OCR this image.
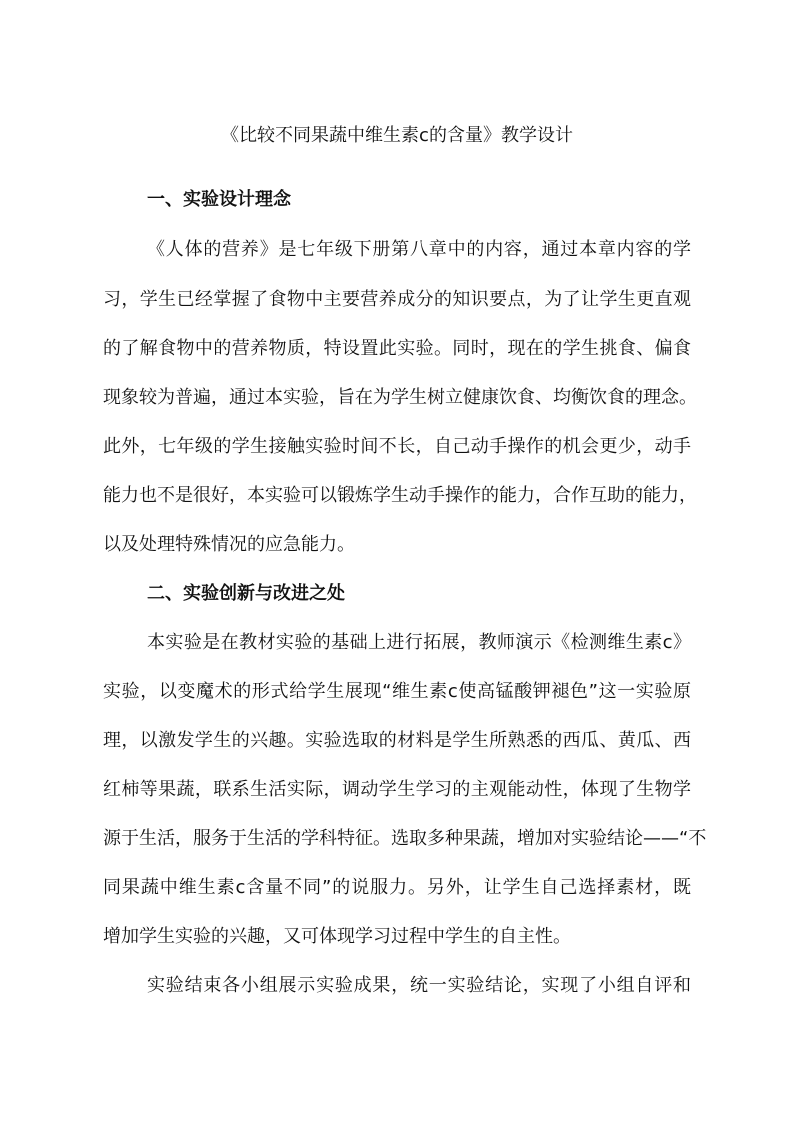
《比较不同果蔬中维生素c的含量》教学设计
一、实验设计理念
《人体的营养》是七年级下册第八章中的内容，通过本章内容的学
习，学生已经掌握了食物中主要营养成分的知识要点，为了让学生更直观
的了解食物中的营养物质，特设置此实验。同时，现在的学生挑食、偏食
现象较为普遍，通过本实验，旨在为学生树立健康饮食、均衡饮食的理念。
此外，七年级的学生接触实验时间不长，自己动手操作的机会更少，动手
能力也不是很好，本实验可以锻炼学生动手操作的能力，合作互助的能力，
以及处理特殊情况的应急能力。
二、实验创新与改进之处
本实验是在教材实验的基础上进行拓展，教师演示《检测维生素c》
实验，以变魔术的形式给学生展现“维生素c使高锰酸钾褪色”这一实验原
理，以激发学生的兴趣。实验选取的材料是学生所熟悉的西瓜、黄瓜、西
红柿等果蔬，联系生活实际，调动学生学习的主观能动性，体现了生物学
源于生活，服务于生活的学科特征。选取多种果蔬，增加对实验结论——“不
同果蔬中维生素c含量不同”的说服力。另外，让学生自己选择素材，既
增加学生实验的兴趣，又可体现学习过程中学生的自主性。
实验结束各小组展示实验成果，统一实验结论，实现了小组自评和
